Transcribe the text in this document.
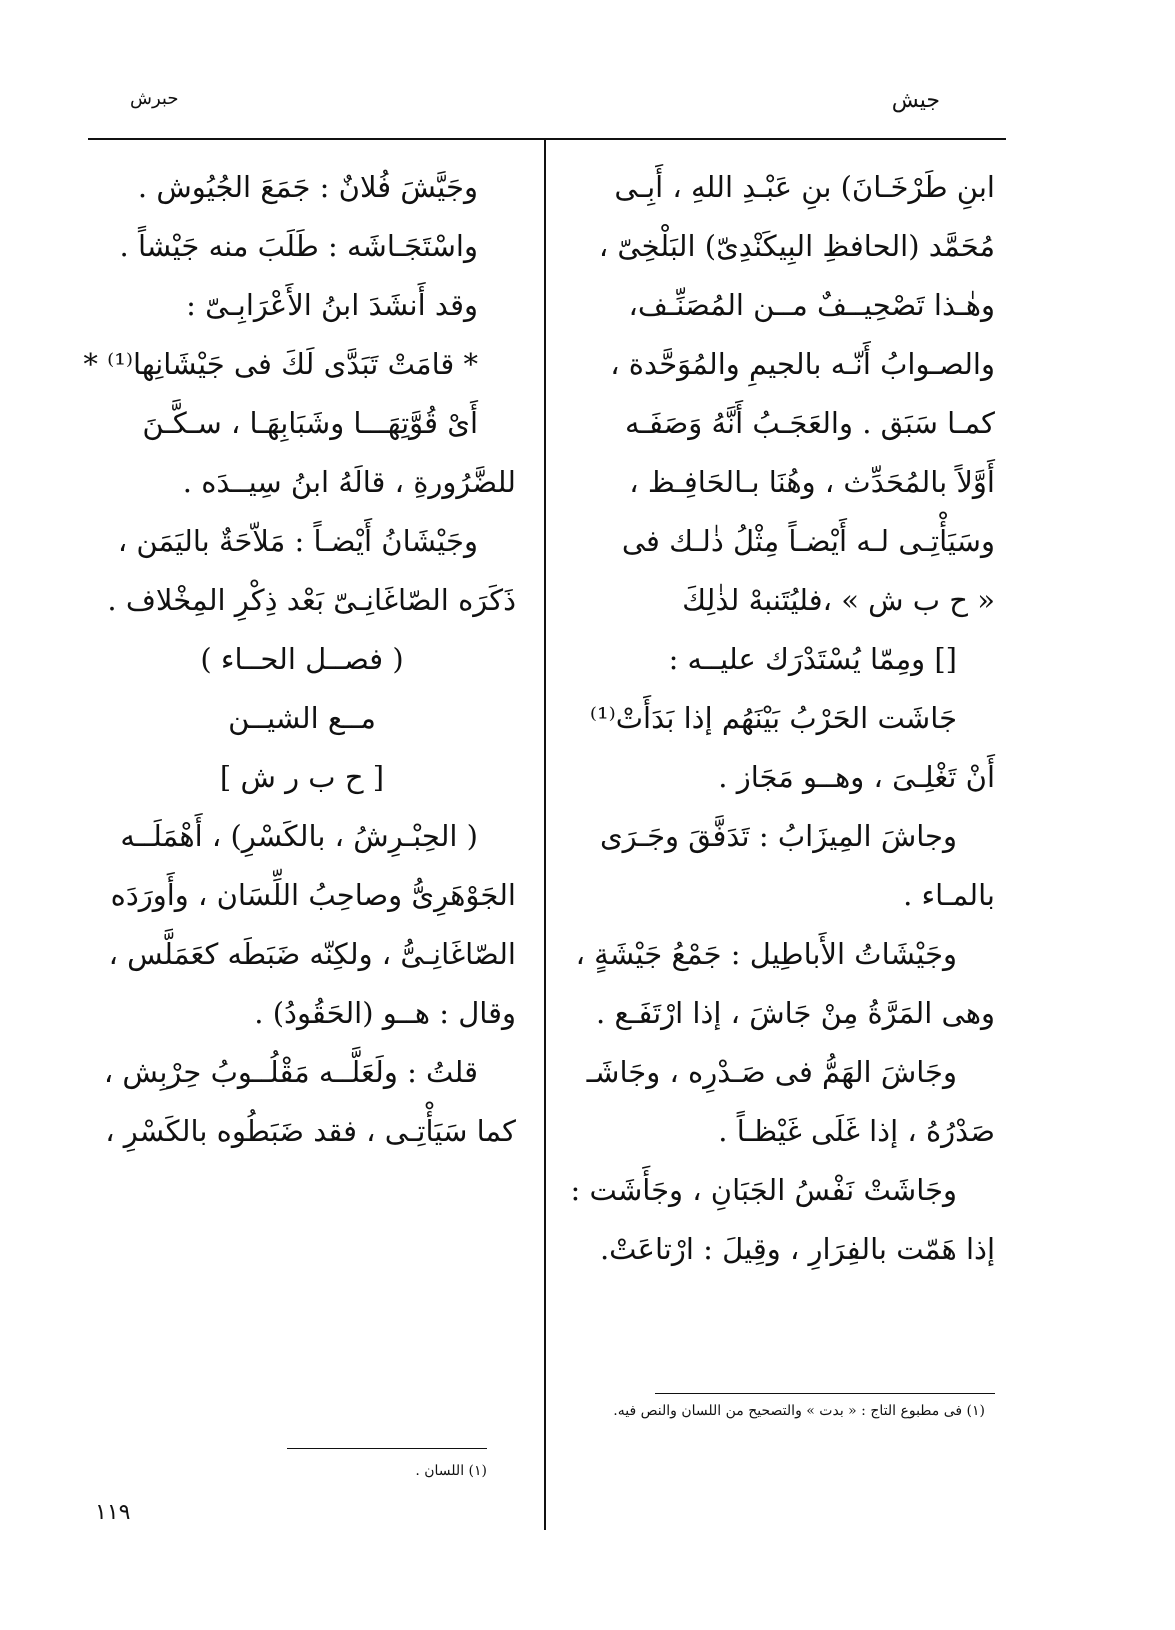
جيش
حبرش
ابنِ طَرْخَـانَ) بنِ عَبْـدِ اللهِ ، أَبِـى
مُحَمَّد (الحافظِ البِيكَنْدِىّ) البَلْخِىّ ،
وهٰـذا تَصْحِيــفٌ مــن المُصَنِّـف،
والصـوابُ أَنّـه بالجيمِ والمُوَحَّدة ،
كمـا سَبَق . والعَجَـبُ أَنَّهُ وَصَفَـه
أَوَّلاً بالمُحَدِّث ، وهُنَا بـالحَافِـظ ،
وسَيَأْتِـى لـه أَيْضـاً مِثْلُ ذٰلـك فى
« ح ب ش » ،فليُتَنبهْ لذٰلِكَ
[] ومِمّا يُسْتَدْرَك عليــه :
جَاشَت الحَرْبُ بَيْنَهُم إذا بَدَأَتْ⁽¹⁾
أَنْ تَغْلِـىَ ، وهــو مَجَاز .
وجاشَ المِيزَابُ : تَدَفَّقَ وجَـرَى
بالمـاء .
وجَيْشَاتُ الأَباطِيل : جَمْعُ جَيْشَةٍ ،
وهى المَرَّةُ مِنْ جَاشَ ، إذا ارْتَفَـع .
وجَاشَ الهَمُّ فى صَـدْرِه ، وجَاشَـ
صَدْرُهُ ، إذا غَلَى غَيْظـاً .
وجَاشَتْ نَفْسُ الجَبَانِ ، وجَأَشَت :
إذا هَمّت بالفِرَارِ ، وقِيلَ : ارْتاعَتْ.
وجَيَّشَ فُلانٌ : جَمَعَ الجُيُوش .
واسْتَجَـاشَه : طَلَبَ منه جَيْشاً .
وقد أَنشَدَ ابنُ الأَعْرَابِـىّ :
* قامَتْ تَبَدَّى لَكَ فى جَيْشَانِها⁽¹⁾ *
أَىْ قُوَّتِهَـــا وشَبَابِهَـا ، سـكَّـنَ
للضَّرُورةِ ، قالَهُ ابنُ سِيــدَه .
وجَيْشَانُ أَيْضـاً : مَلاّحَةٌ باليَمَن ،
ذَكَرَه الصّاغَانِـىّ بَعْد ذِكْرِ المِخْلاف .
( فصــل الحــاء )
مــع الشيــن
[ ح ب ر ش ]
( الحِبْـرِشُ ، بالكَسْرِ) ، أَهْمَلَــه
الجَوْهَرِىُّ وصاحِبُ اللِّسَان ، وأَورَدَه
الصّاغَانِـىُّ ، ولكِنّه ضَبَطَه كعَمَلَّس ،
وقال : هــو (الحَقُودُ) .
قلتُ : ولَعَلَّــه مَقْلُــوبُ حِرْبِش ،
كما سَيَأْتِـى ، فقد ضَبَطُوه بالكَسْرِ ،
(١) فى مطبوع التاج : « بدت » والتصحيح من اللسان والنص فيه.
(١) اللسان .
١١٩
